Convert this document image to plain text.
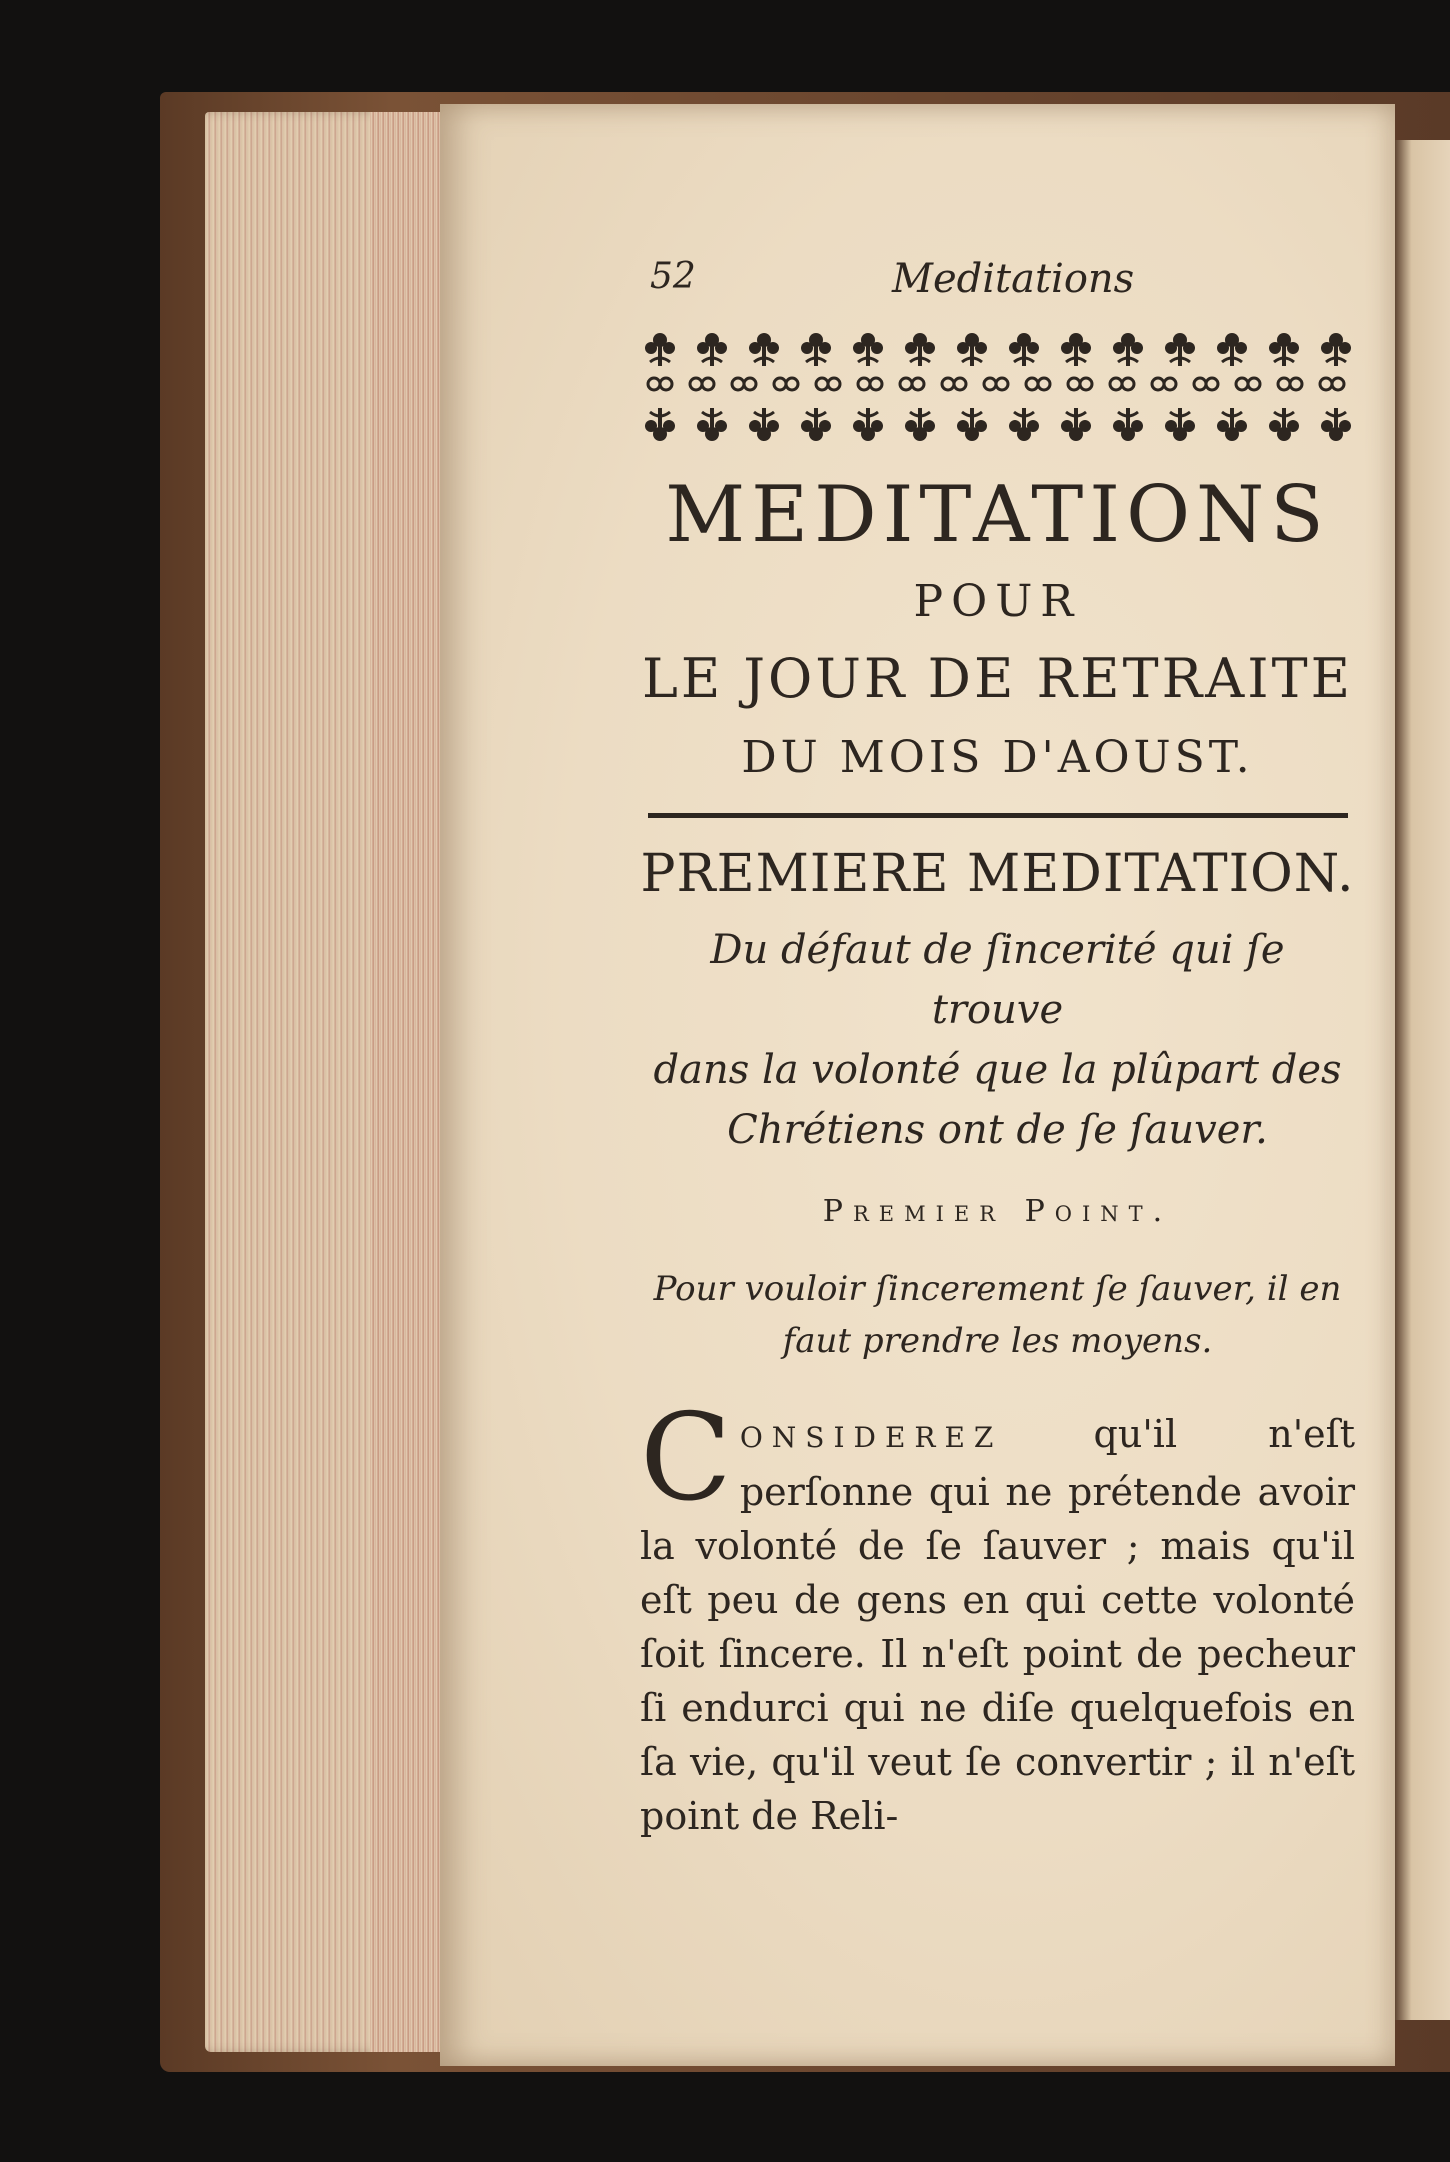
52	Meditations
MEDITATIONS
POUR
LE JOUR DE RETRAITE
DU MOIS D'AOUST.
PREMIERE MEDITATION.
Du défaut de ſincerité qui ſe trouve
dans la volonté que la plûpart des
Chrétiens ont de ſe ſauver.
Premier Point.
Pour vouloir ſincerement ſe ſauver, il en
faut prendre les moyens.
CONSIDEREZ qu'il n'eſt perſonne qui ne prétende avoir la volonté de ſe ſauver ; mais qu'il eſt peu de gens en qui cette volonté ſoit ſincere. Il n'eſt point de pecheur ſi endurci qui ne diſe quelquefois en ſa vie, qu'il veut ſe convertir ; il n'eſt point de Reli-
